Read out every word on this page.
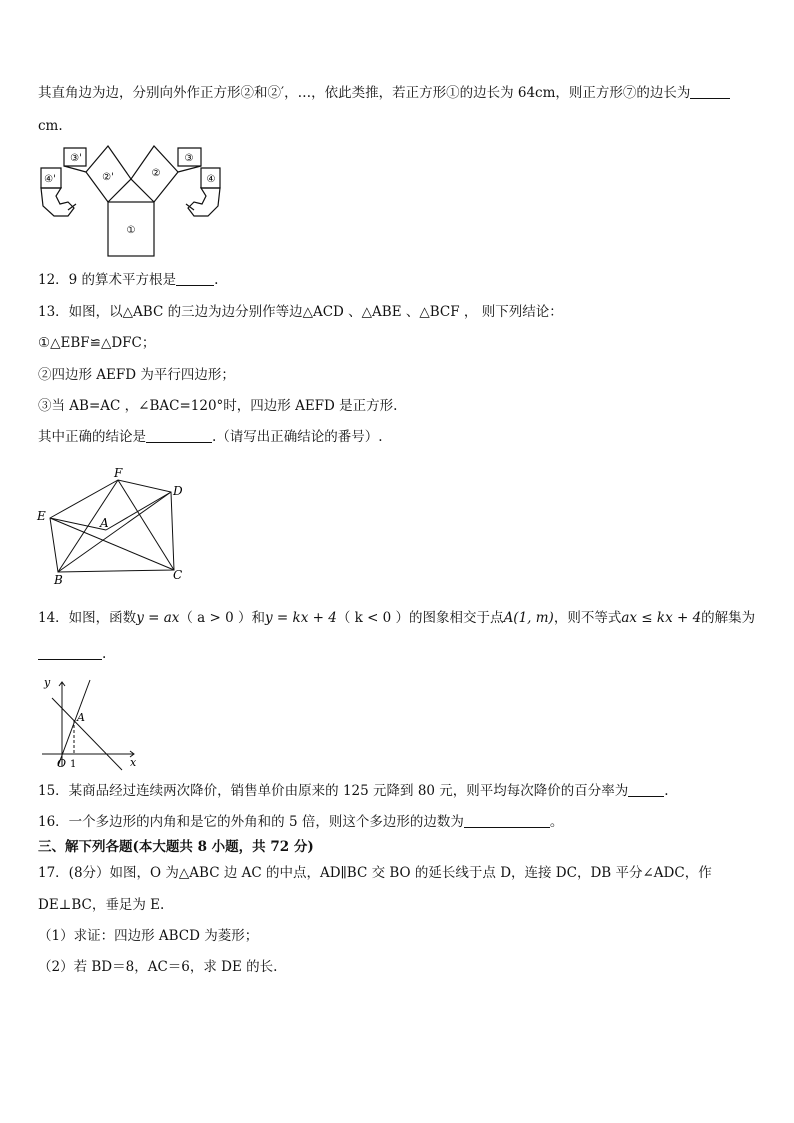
其直角边为边，分别向外作正方形②和②′，…，依此类推，若正方形①的边长为 64cm，则正方形⑦的边长为
cm.
①
②
②'
③
③'
④
④'
12．9 的算术平方根是	.
13．如图，以△ABC 的三边为边分别作等边△ACD 、△ABE 、△BCF ， 则下列结论：
①△EBF≌△DFC；
②四边形 AEFD 为平行四边形；
③当 AB=AC ，∠BAC=120°时，四边形 AEFD 是正方形.
其中正确的结论是	.（请写出正确结论的番号）.
F
D
E	A
B	C
14．如图，函数y = ax（ a > 0 ）和y = kx + 4（ k < 0 ）的图象相交于点A(1, m)，则不等式ax ≤ kx + 4的解集为
.
y
x
O
A
1
15．某商品经过连续两次降价，销售单价由原来的 125 元降到 80 元，则平均每次降价的百分率为	.
16．一个多边形的内角和是它的外角和的 5 倍，则这个多边形的边数为	。
三、解下列各题(本大题共 8 小题，共 72 分)
17．(8分）如图，O 为△ABC 边 AC 的中点，AD∥BC 交 BO 的延长线于点 D，连接 DC，DB 平分∠ADC，作
DE⊥BC，垂足为 E.
（1）求证：四边形 ABCD 为菱形；
（2）若 BD＝8，AC＝6，求 DE 的长.
